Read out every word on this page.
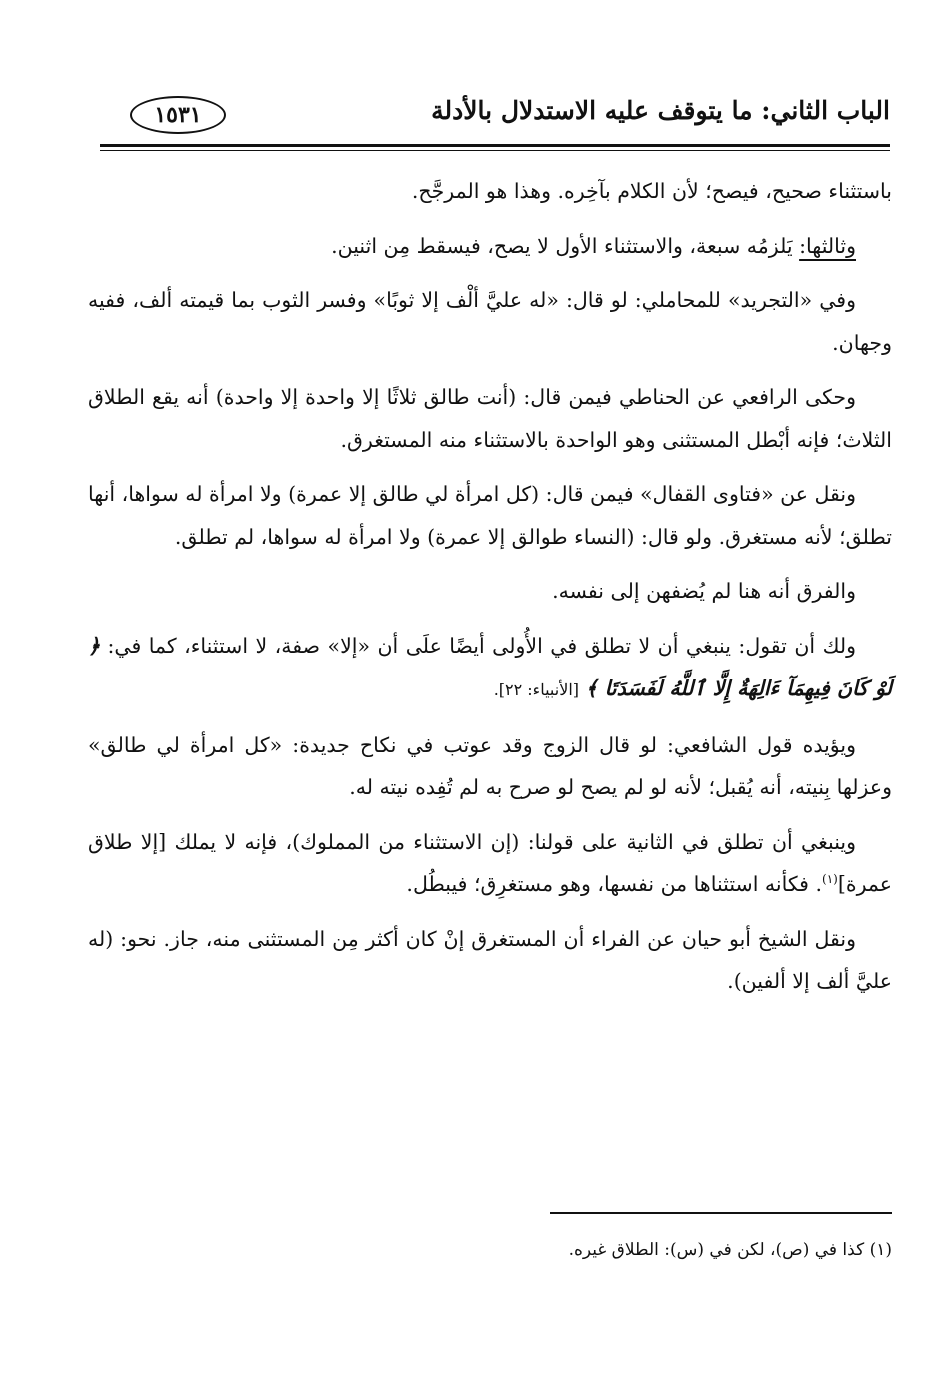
الباب الثاني: ما يتوقف عليه الاستدلال بالأدلة
١٥٣١

باستثناء صحيح، فيصح؛ لأن الكلام بآخِره. وهذا هو المرجَّح.

وثالثها: يَلزمُه سبعة، والاستثناء الأول لا يصح، فيسقط مِن اثنين.

وفي «التجريد» للمحاملي: لو قال: «له عليَّ ألْف إلا ثوبًا» وفسر الثوب بما قيمته ألف، ففيه وجهان.

وحكى الرافعي عن الحناطي فيمن قال: (أنت طالق ثلاثًا إلا واحدة إلا واحدة) أنه يقع الطلاق الثلاث؛ فإنه أبْطل المستثنى وهو الواحدة بالاستثناء منه المستغرق.

ونقل عن «فتاوى القفال» فيمن قال: (كل امرأة لي طالق إلا عمرة) ولا امرأة له سواها، أنها تطلق؛ لأنه مستغرق. ولو قال: (النساء طوالق إلا عمرة) ولا امرأة له سواها، لم تطلق.

والفرق أنه هنا لم يُضفهن إلى نفسه.

ولك أن تقول: ينبغي أن لا تطلق في الأُولى أيضًا علَى أن «إلا» صفة، لا استثناء، كما في: ﴿ لَوْ كَانَ فِيهِمَآ ءَالِهَةٌ إِلَّا ٱللَّهُ لَفَسَدَتَا ﴾ [الأنبياء: ٢٢].

ويؤيده قول الشافعي: لو قال الزوج وقد عوتب في نكاح جديدة: «كل امرأة لي طالق» وعزلها بِنيته، أنه يُقبل؛ لأنه لو لم يصح لو صرح به لم تُفِده نيته له.

وينبغي أن تطلق في الثانية على قولنا: (إن الاستثناء من المملوك)، فإنه لا يملك [إلا طلاق عمرة]$^{(١)}$. فكأنه استثناها من نفسها، وهو مستغرِق؛ فيبطُل.

ونقل الشيخ أبو حيان عن الفراء أن المستغرق إنْ كان أكثر مِن المستثنى منه، جاز. نحو: (له عليَّ ألف إلا ألفين).

(١) كذا في (ص)، لكن في (س): الطلاق غيره.
